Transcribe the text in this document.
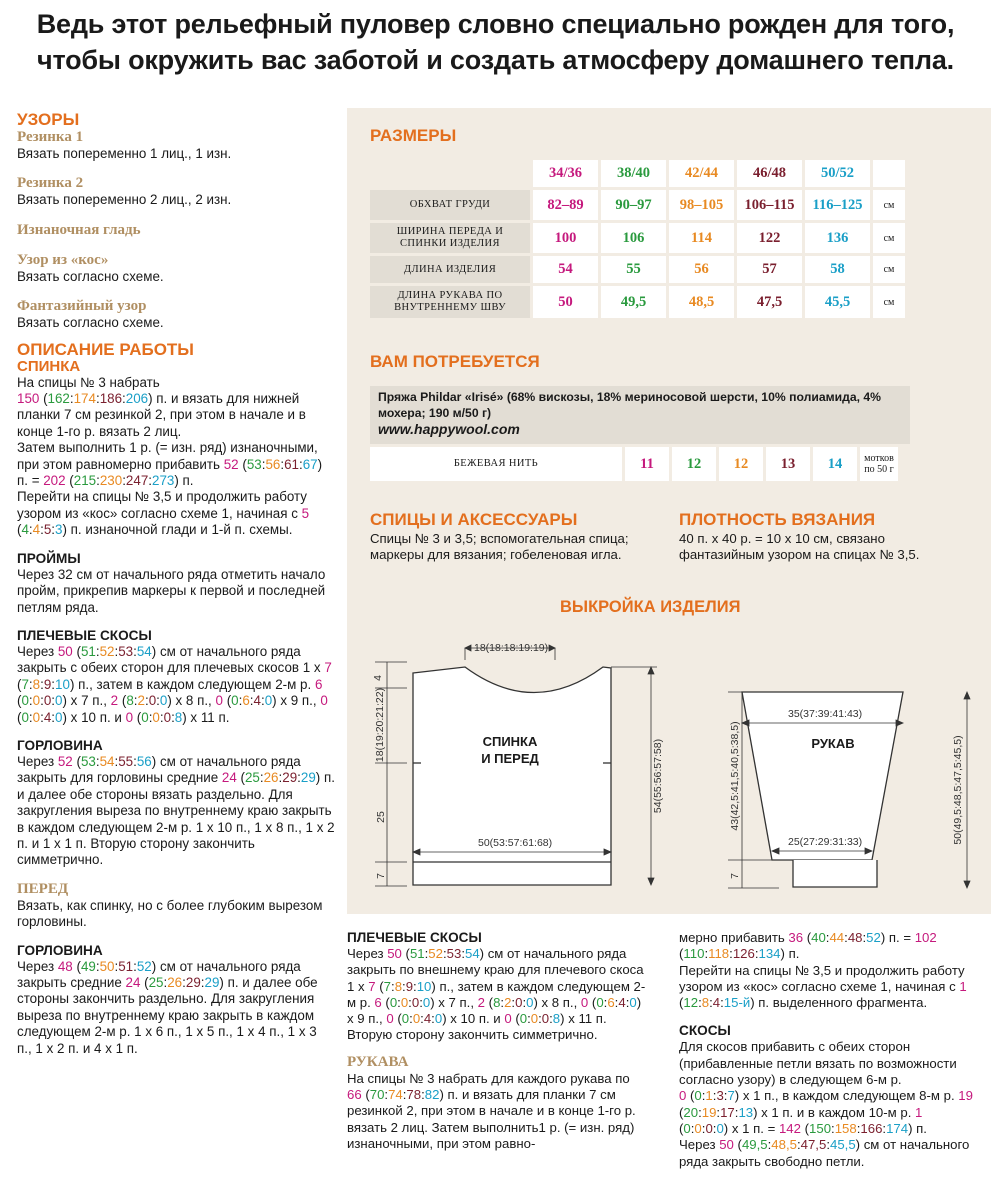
Ведь этот рельефный пуловер словно специально рожден для того,
чтобы окружить вас заботой и создать атмосферу домашнего тепла.
УЗОРЫ
Резинка 1

Вязать попеременно 1 лиц., 1 изн.

Резинка 2

Вязать попеременно 2 лиц., 2 изн.

Изнаночная гладь
Узор из «кос»

Вязать согласно схеме.

Фантазийный узор

Вязать согласно схеме.

ОПИСАНИЕ РАБОТЫ
СПИНКА

На спицы № 3 набрать
150 (162:174:186:206) п. и вязать для нижней планки 7 см резинкой 2, при этом в начале и в конце 1-го р. вязать 2 лиц.
Затем выполнить 1 р. (= изн. ряд) изнаночными, при этом равномерно прибавить 52 (53:56:61:67) п. = 202 (215:230:247:273) п.
Перейти на спицы № 3,5 и продолжить работу узором из «кос» согласно схеме 1, начиная с 5 (4:4:5:3) п. изнаночной глади и 1-й п. схемы.

ПРОЙМЫ

Через 32 см от начального ряда отметить начало пройм, прикрепив маркеры к первой и последней петлям ряда.

ПЛЕЧЕВЫЕ СКОСЫ

Через 50 (51:52:53:54) см от начального ряда закрыть с обеих сторон для плечевых скосов 1 х 7 (7:8:9:10) п., затем в каждом следующем 2-м р. 6 (0:0:0:0) х 7 п., 2 (8:2:0:0) х 8 п., 0 (0:6:4:0) х 9 п., 0 (0:0:4:0) х 10 п. и 0 (0:0:0:8) х 11 п.

ГОРЛОВИНА

Через 52 (53:54:55:56) см от начального ряда закрыть для горловины средние 24 (25:26:29:29) п. и далее обе стороны вязать раздельно. Для закругления выреза по внутреннему краю закрыть в каждом следующем 2-м р. 1 х 10 п., 1 х 8 п., 1 х 2 п. и 1 х 1 п. Вторую сторону закончить симметрично.

ПЕРЕД

Вязать, как спинку, но с более глубоким вырезом горловины.

ГОРЛОВИНА

Через 48 (49:50:51:52) см от начального ряда закрыть средние 24 (25:26:29:29) п. и далее обе стороны закончить раздельно. Для закругления выреза по внутреннему краю закрыть в каждом следующем 2-м р. 1 х 6 п., 1 х 5 п., 1 х 4 п., 1 х 3 п., 1 х 2 п. и 4 х 1 п.

РАЗМЕРЫ
	34/36	38/40	42/44	46/48	50/52	
ОБХВАТ ГРУДИ	82–89	90–97	98–105	106–115	116–125	см
ШИРИНА ПЕРЕДА И СПИНКИ ИЗДЕЛИЯ	100	106	114	122	136	см
ДЛИНА ИЗДЕЛИЯ	54	55	56	57	58	см
ДЛИНА РУКАВА ПО ВНУТРЕННЕМУ ШВУ	50	49,5	48,5	47,5	45,5	см
ВАМ ПОТРЕБУЕТСЯ
Пряжа Phildar «Irisé» (68% вискозы, 18% мериносовой шерсти, 10% полиамида, 4% мохера; 190 м/50 г)
www.happywool.com
БЕЖЕВАЯ НИТЬ	11	12	12	13	14	мотков по 50 г
СПИЦЫ И АКСЕССУАРЫ
Спицы № 3 и 3,5; вспомогательная спица; маркеры для вязания; гобеленовая игла.
ПЛОТНОСТЬ ВЯЗАНИЯ
40 п. х 40 р. = 10 х 10 см, связано фантазийным узором на спицах № 3,5.
ВЫКРОЙКА ИЗДЕЛИЯ
18(18:18:19:19)
4
18(19:20:21:22)
25
7
50(53:57:61:68)
54(55:56:57:58)
35(37:39:41:43)
25(27:29:31:33)
43(42,5:41,5:40,5:38,5)
7
50(49,5:48,5:47,5:45,5)
СПИНКА
И ПЕРЕД
РУКАВ
ПЛЕЧЕВЫЕ СКОСЫ

Через 50 (51:52:53:54) см от начального ряда закрыть по внешнему краю для плечевого скоса 1 х 7 (7:8:9:10) п., затем в каждом следующем 2-м р. 6 (0:0:0:0) х 7 п., 2 (8:2:0:0) х 8 п., 0 (0:6:4:0) х 9 п., 0 (0:0:4:0) х 10 п. и 0 (0:0:0:8) х 11 п.
Вторую сторону закончить симметрично.

РУКАВА

На спицы № 3 набрать для каждого рукава по 66 (70:74:78:82) п. и вязать для планки 7 см резинкой 2, при этом в начале и в конце 1-го р. вязать 2 лиц. Затем выполнить1 р. (= изн. ряд) изнаночными, при этом равно-

мерно прибавить 36 (40:44:48:52) п. = 102 (110:118:126:134) п.
Перейти на спицы № 3,5 и продолжить работу узором из «кос» согласно схеме 1, начиная с 1 (12:8:4:15-й) п. выделенного фрагмента.

СКОСЫ

Для скосов прибавить с обеих сторон (прибавленные петли вязать по возможности согласно узору) в следующем 6-м р.
0 (0:1:3:7) х 1 п., в каждом следующем 8-м р. 19 (20:19:17:13) х 1 п. и в каждом 10-м р. 1 (0:0:0:0) х 1 п. = 142 (150:158:166:174) п.
Через 50 (49,5:48,5:47,5:45,5) см от начального ряда закрыть свободно петли.
